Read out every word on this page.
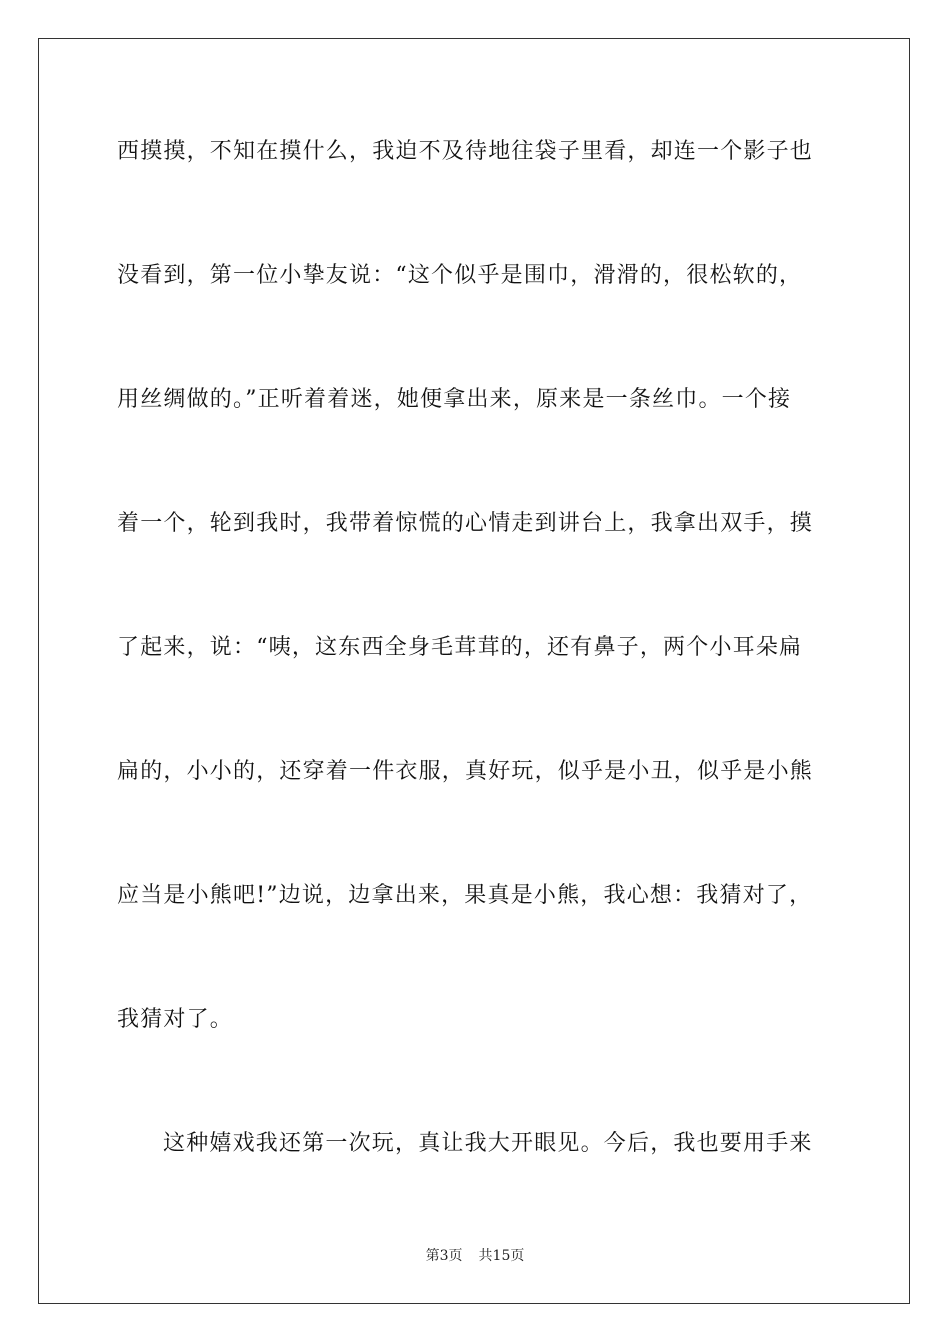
西摸摸，不知在摸什么，我迫不及待地往袋子里看，却连一个影子也
没看到，第一位小挚友说：“这个似乎是围巾，滑滑的，很松软的，
用丝绸做的。”正听着着迷，她便拿出来，原来是一条丝巾。一个接
着一个，轮到我时，我带着惊慌的心情走到讲台上，我拿出双手，摸
了起来，说：“咦，这东西全身毛茸茸的，还有鼻子，两个小耳朵扁
扁的，小小的，还穿着一件衣服，真好玩，似乎是小丑，似乎是小熊
应当是小熊吧!”边说，边拿出来，果真是小熊，我心想：我猜对了，
我猜对了。
这种嬉戏我还第一次玩，真让我大开眼见。今后，我也要用手来
第3页 共15页
